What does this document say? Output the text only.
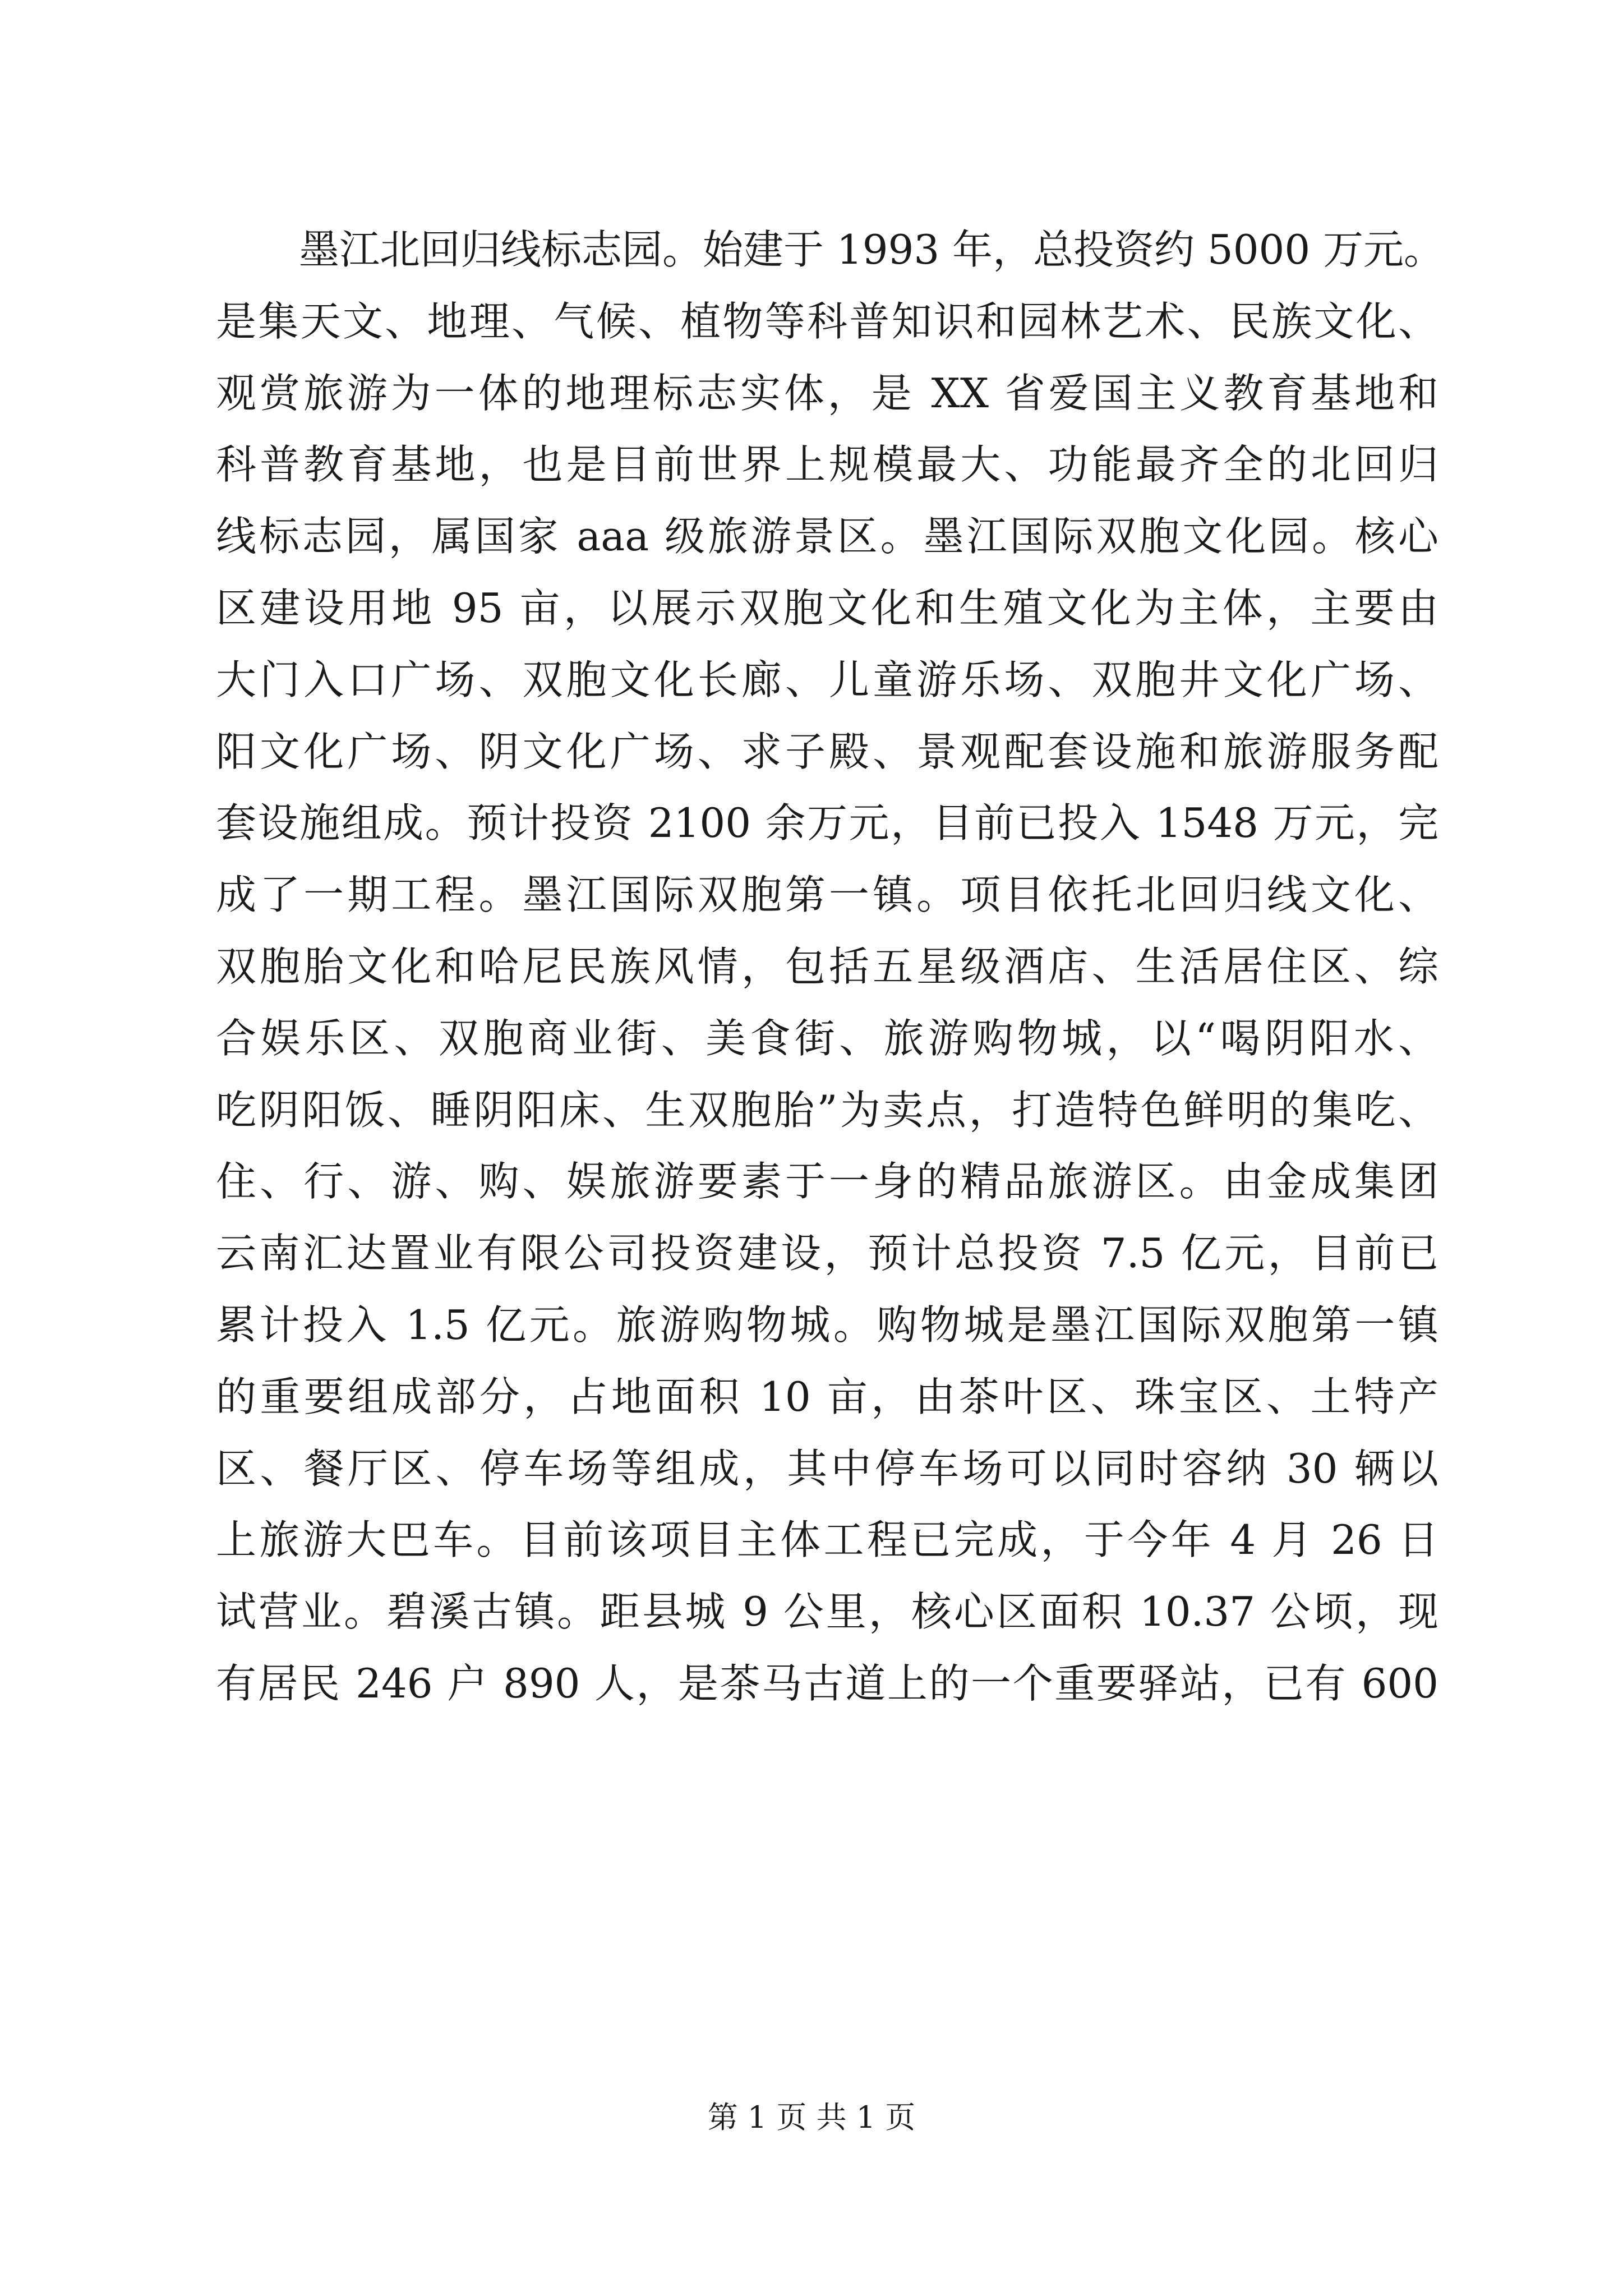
墨江北回归线标志园。始建于 1993 年，总投资约 5000 万元。
是集天文、地理、气候、植物等科普知识和园林艺术、民族文化、
观赏旅游为一体的地理标志实体，是 XX 省爱国主义教育基地和
科普教育基地，也是目前世界上规模最大、功能最齐全的北回归
线标志园，属国家 aaa 级旅游景区。墨江国际双胞文化园。核心
区建设用地 95 亩，以展示双胞文化和生殖文化为主体，主要由
大门入口广场、双胞文化长廊、儿童游乐场、双胞井文化广场、
阳文化广场、阴文化广场、求子殿、景观配套设施和旅游服务配
套设施组成。预计投资 2100 余万元，目前已投入 1548 万元，完
成了一期工程。墨江国际双胞第一镇。项目依托北回归线文化、
双胞胎文化和哈尼民族风情，包括五星级酒店、生活居住区、综
合娱乐区、双胞商业街、美食街、旅游购物城，以“喝阴阳水、
吃阴阳饭、睡阴阳床、生双胞胎”为卖点，打造特色鲜明的集吃、
住、行、游、购、娱旅游要素于一身的精品旅游区。由金成集团
云南汇达置业有限公司投资建设，预计总投资 7.5 亿元，目前已
累计投入 1.5 亿元。旅游购物城。购物城是墨江国际双胞第一镇
的重要组成部分，占地面积 10 亩，由茶叶区、珠宝区、土特产
区、餐厅区、停车场等组成，其中停车场可以同时容纳 30 辆以
上旅游大巴车。目前该项目主体工程已完成，于今年 4 月 26 日
试营业。碧溪古镇。距县城 9 公里，核心区面积 10.37 公顷，现
有居民 246 户 890 人，是茶马古道上的一个重要驿站，已有 600
第 1 页 共 1 页
